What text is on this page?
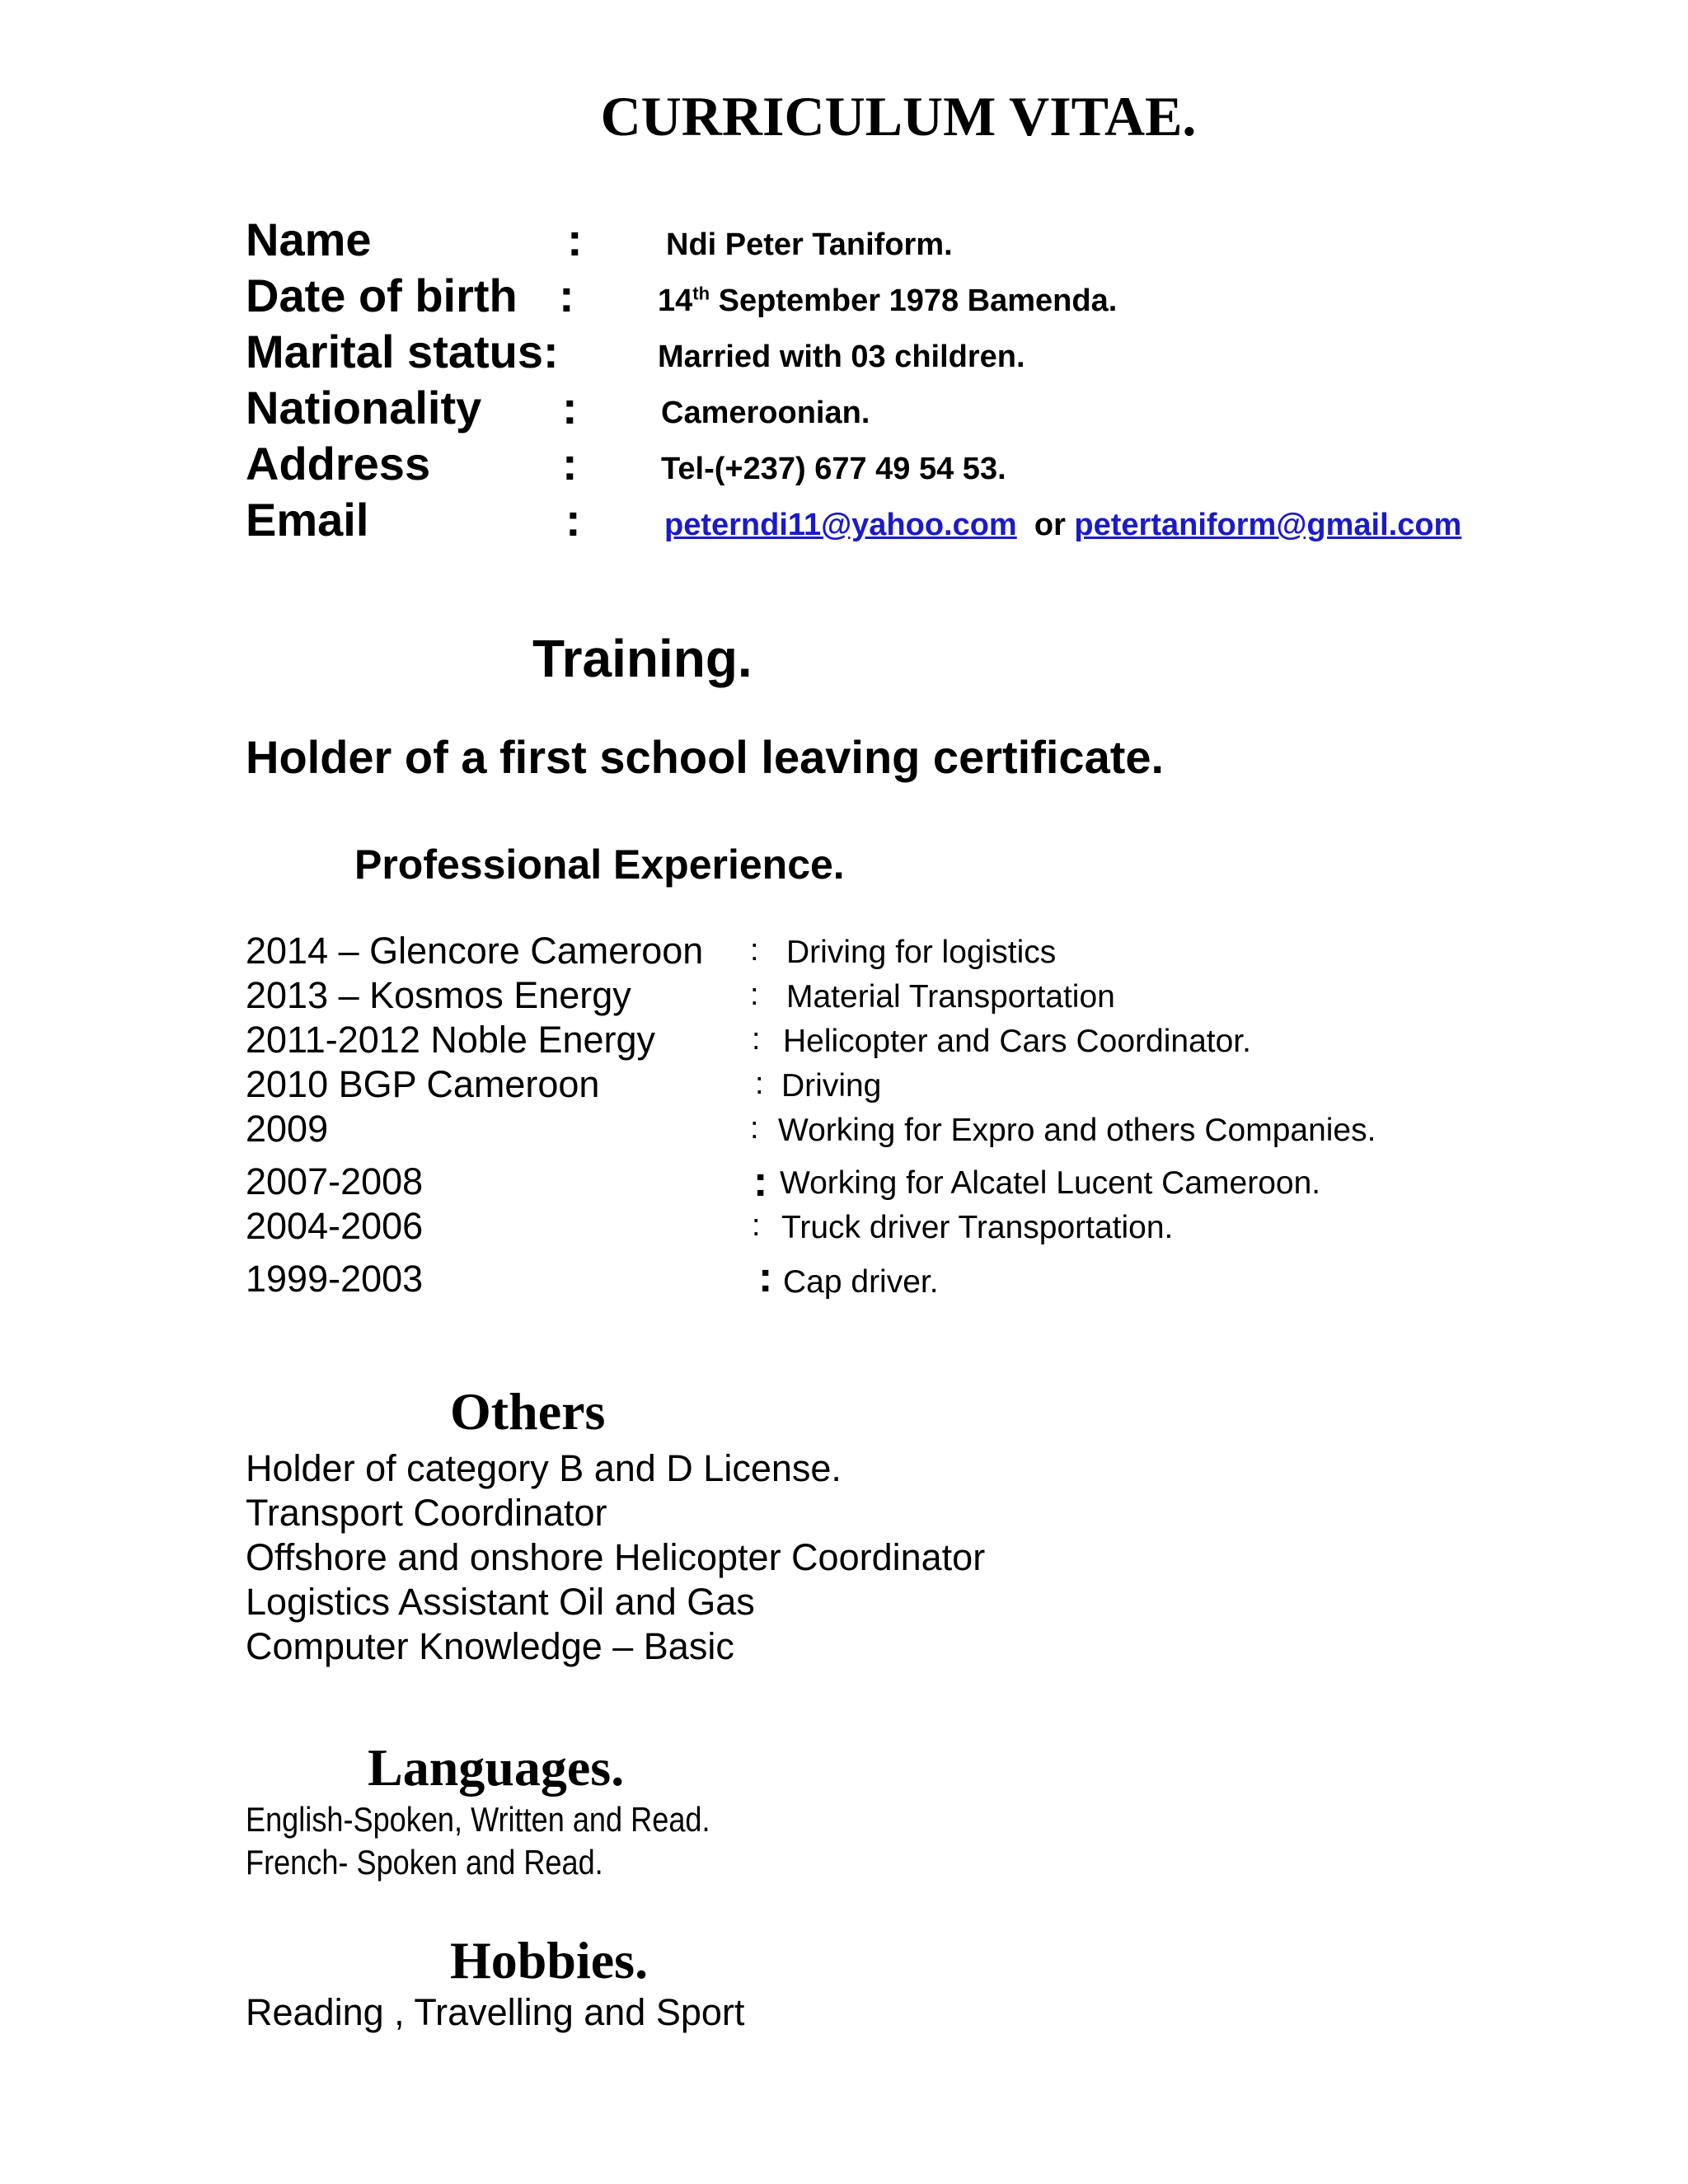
CURRICULUM VITAE.
Name	:	Ndi Peter Taniform.
Date of birth :	14th September 1978 Bamenda.
Marital status:	Married with 03 children.
Nationality :	Cameroonian.
Address	:	Tel-(+237) 677 49 54 53.
Email	:	peterndi11@yahoo.com or petertaniform@gmail.com
Training.
Holder of a first school leaving certificate.
Professional Experience.
2014 – Glencore Cameroon : Driving for logistics
2013 – Kosmos Energy	: Material Transportation
2011-2012 Noble Energy	: Helicopter and Cars Coordinator.
2010 BGP Cameroon	: Driving
2009	: Working for Expro and others Companies.
2007-2008	: Working for Alcatel Lucent Cameroon.
2004-2006	: Truck driver Transportation.
1999-2003	: Cap driver.
Others
Holder of category B and D License.
Transport Coordinator
Offshore and onshore Helicopter Coordinator
Logistics Assistant Oil and Gas
Computer Knowledge – Basic
Languages.
English-Spoken, Written and Read.
French- Spoken and Read.
Hobbies.
Reading , Travelling and Sport
